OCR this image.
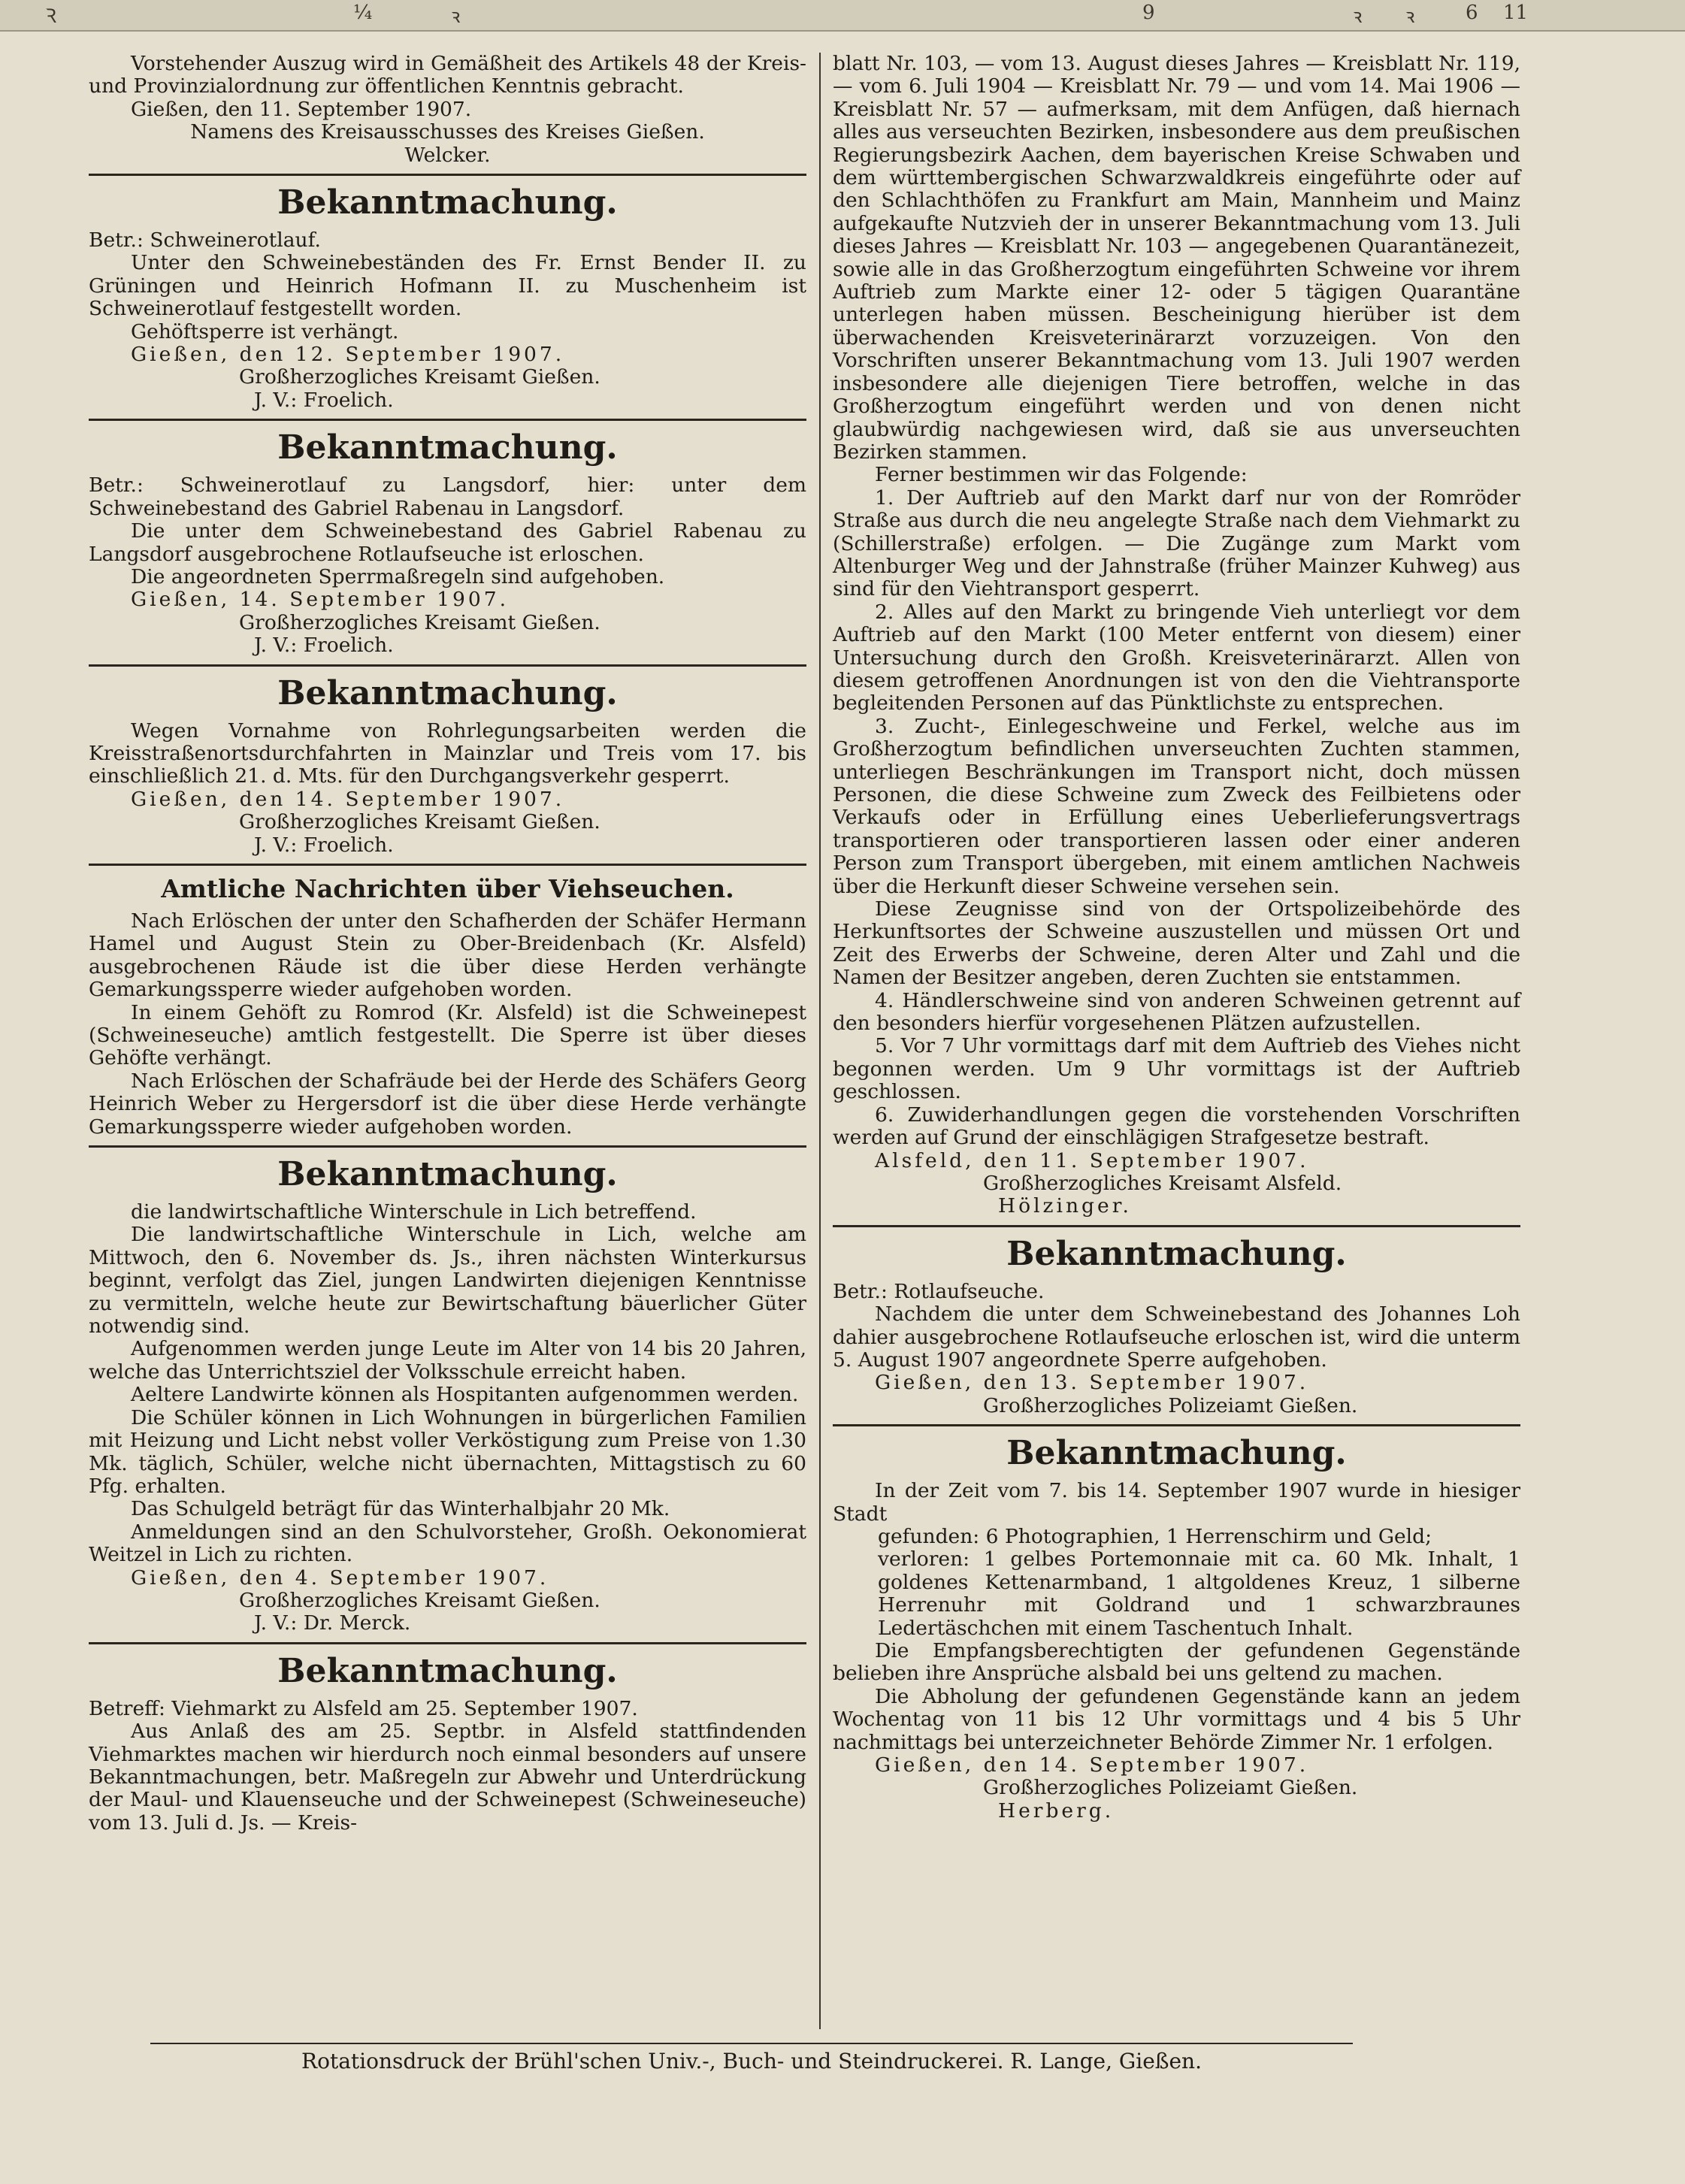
Ꝛ	¼	ꝛ	9	ꝛ ꝛ	6 11

Vorstehender Auszug wird in Gemäßheit des Artikels 48 der Kreis- und Provinzialordnung zur öffentlichen Kenntnis gebracht.

Gießen, den 11. September 1907.

Namens des Kreisausschusses des Kreises Gießen.

Welcker.

Bekanntmachung.

Betr.: Schweinerotlauf.

Unter den Schweinebeständen des Fr. Ernst Bender II. zu Grüningen und Heinrich Hofmann II. zu Muschenheim ist Schweinerotlauf festgestellt worden.

Gehöftsperre ist verhängt.

Gießen, den 12. September 1907.

Großherzogliches Kreisamt Gießen.

J. V.: Froelich.

Bekanntmachung.

Betr.: Schweinerotlauf zu Langsdorf, hier: unter dem Schweinebestand des Gabriel Rabenau in Langsdorf.

Die unter dem Schweinebestand des Gabriel Rabenau zu Langsdorf ausgebrochene Rotlaufseuche ist erloschen.

Die angeordneten Sperrmaßregeln sind aufgehoben.

Gießen, 14. September 1907.

Großherzogliches Kreisamt Gießen.

J. V.: Froelich.

Bekanntmachung.

Wegen Vornahme von Rohrlegungsarbeiten werden die Kreisstraßenortsdurchfahrten in Mainzlar und Treis vom 17. bis einschließlich 21. d. Mts. für den Durchgangsverkehr gesperrt.

Gießen, den 14. September 1907.

Großherzogliches Kreisamt Gießen.

J. V.: Froelich.

Amtliche Nachrichten über Viehseuchen.

Nach Erlöschen der unter den Schafherden der Schäfer Hermann Hamel und August Stein zu Ober-Breidenbach (Kr. Alsfeld) ausgebrochenen Räude ist die über diese Herden verhängte Gemarkungssperre wieder aufgehoben worden.

In einem Gehöft zu Romrod (Kr. Alsfeld) ist die Schweinepest (Schweineseuche) amtlich festgestellt. Die Sperre ist über dieses Gehöfte verhängt.

Nach Erlöschen der Schafräude bei der Herde des Schäfers Georg Heinrich Weber zu Hergersdorf ist die über diese Herde verhängte Gemarkungssperre wieder aufgehoben worden.

Bekanntmachung.

die landwirtschaftliche Winterschule in Lich betreffend.

Die landwirtschaftliche Winterschule in Lich, welche am Mittwoch, den 6. November ds. Js., ihren nächsten Winterkursus beginnt, verfolgt das Ziel, jungen Landwirten diejenigen Kenntnisse zu vermitteln, welche heute zur Bewirtschaftung bäuerlicher Güter notwendig sind.

Aufgenommen werden junge Leute im Alter von 14 bis 20 Jahren, welche das Unterrichtsziel der Volksschule erreicht haben.

Aeltere Landwirte können als Hospitanten aufgenommen werden.

Die Schüler können in Lich Wohnungen in bürgerlichen Familien mit Heizung und Licht nebst voller Verköstigung zum Preise von 1.30 Mk. täglich, Schüler, welche nicht übernachten, Mittagstisch zu 60 Pfg. erhalten.

Das Schulgeld beträgt für das Winterhalbjahr 20 Mk.

Anmeldungen sind an den Schulvorsteher, Großh. Oekonomierat Weitzel in Lich zu richten.

Gießen, den 4. September 1907.

Großherzogliches Kreisamt Gießen.

J. V.: Dr. Merck.

Bekanntmachung.

Betreff: Viehmarkt zu Alsfeld am 25. September 1907.

Aus Anlaß des am 25. Septbr. in Alsfeld stattfindenden Viehmarktes machen wir hierdurch noch einmal besonders auf unsere Bekanntmachungen, betr. Maßregeln zur Abwehr und Unterdrückung der Maul- und Klauenseuche und der Schweinepest (Schweineseuche) vom 13. Juli d. Js. — Kreis-

blatt Nr. 103, — vom 13. August dieses Jahres — Kreisblatt Nr. 119, — vom 6. Juli 1904 — Kreisblatt Nr. 79 — und vom 14. Mai 1906 — Kreisblatt Nr. 57 — aufmerksam, mit dem Anfügen, daß hiernach alles aus verseuchten Bezirken, insbesondere aus dem preußischen Regierungsbezirk Aachen, dem bayerischen Kreise Schwaben und dem württembergischen Schwarzwaldkreis eingeführte oder auf den Schlachthöfen zu Frankfurt am Main, Mannheim und Mainz aufgekaufte Nutzvieh der in unserer Bekanntmachung vom 13. Juli dieses Jahres — Kreisblatt Nr. 103 — angegebenen Quarantänezeit, sowie alle in das Großherzogtum eingeführten Schweine vor ihrem Auftrieb zum Markte einer 12- oder 5 tägigen Quarantäne unterlegen haben müssen. Bescheinigung hierüber ist dem überwachenden Kreisveterinärarzt vorzuzeigen. Von den Vorschriften unserer Bekanntmachung vom 13. Juli 1907 werden insbesondere alle diejenigen Tiere betroffen, welche in das Großherzogtum eingeführt werden und von denen nicht glaubwürdig nachgewiesen wird, daß sie aus unverseuchten Bezirken stammen.

Ferner bestimmen wir das Folgende:

1. Der Auftrieb auf den Markt darf nur von der Romröder Straße aus durch die neu angelegte Straße nach dem Viehmarkt zu (Schillerstraße) erfolgen. — Die Zugänge zum Markt vom Altenburger Weg und der Jahnstraße (früher Mainzer Kuhweg) aus sind für den Viehtransport gesperrt.

2. Alles auf den Markt zu bringende Vieh unterliegt vor dem Auftrieb auf den Markt (100 Meter entfernt von diesem) einer Untersuchung durch den Großh. Kreisveterinärarzt. Allen von diesem getroffenen Anordnungen ist von den die Viehtransporte begleitenden Personen auf das Pünktlichste zu entsprechen.

3. Zucht-, Einlegeschweine und Ferkel, welche aus im Großherzogtum befindlichen unverseuchten Zuchten stammen, unterliegen Beschränkungen im Transport nicht, doch müssen Personen, die diese Schweine zum Zweck des Feilbietens oder Verkaufs oder in Erfüllung eines Ueberlieferungsvertrags transportieren oder transportieren lassen oder einer anderen Person zum Transport übergeben, mit einem amtlichen Nachweis über die Herkunft dieser Schweine versehen sein.

Diese Zeugnisse sind von der Ortspolizeibehörde des Herkunftsortes der Schweine auszustellen und müssen Ort und Zeit des Erwerbs der Schweine, deren Alter und Zahl und die Namen der Besitzer angeben, deren Zuchten sie entstammen.

4. Händlerschweine sind von anderen Schweinen getrennt auf den besonders hierfür vorgesehenen Plätzen aufzustellen.

5. Vor 7 Uhr vormittags darf mit dem Auftrieb des Viehes nicht begonnen werden. Um 9 Uhr vormittags ist der Auftrieb geschlossen.

6. Zuwiderhandlungen gegen die vorstehenden Vorschriften werden auf Grund der einschlägigen Strafgesetze bestraft.

Alsfeld, den 11. September 1907.

Großherzogliches Kreisamt Alsfeld.

Hölzinger.

Bekanntmachung.

Betr.: Rotlaufseuche.

Nachdem die unter dem Schweinebestand des Johannes Loh dahier ausgebrochene Rotlaufseuche erloschen ist, wird die unterm 5. August 1907 angeordnete Sperre aufgehoben.

Gießen, den 13. September 1907.

Großherzogliches Polizeiamt Gießen.

Bekanntmachung.

In der Zeit vom 7. bis 14. September 1907 wurde in hiesiger Stadt

gefunden: 6 Photographien, 1 Herrenschirm und Geld;

verloren: 1 gelbes Portemonnaie mit ca. 60 Mk. Inhalt, 1 goldenes Kettenarmband, 1 altgoldenes Kreuz, 1 silberne Herrenuhr mit Goldrand und 1 schwarzbraunes Ledertäschchen mit einem Taschentuch Inhalt.

Die Empfangsberechtigten der gefundenen Gegenstände belieben ihre Ansprüche alsbald bei uns geltend zu machen.

Die Abholung der gefundenen Gegenstände kann an jedem Wochentag von 11 bis 12 Uhr vormittags und 4 bis 5 Uhr nachmittags bei unterzeichneter Behörde Zimmer Nr. 1 erfolgen.

Gießen, den 14. September 1907.

Großherzogliches Polizeiamt Gießen.

Herberg.

Rotationsdruck der Brühl'schen Univ.-, Buch- und Steindruckerei. R. Lange, Gießen.
